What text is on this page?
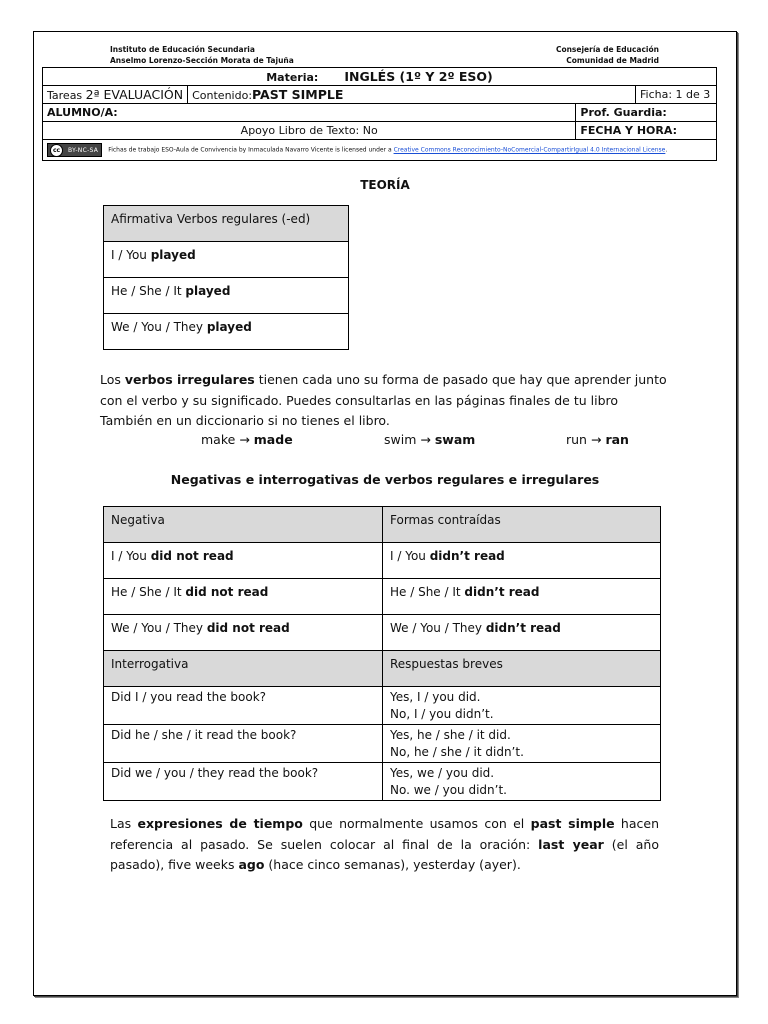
Instituto de Educación Secundaria
Anselmo Lorenzo-Sección Morata de Tajuña
Consejería de Educación
Comunidad de Madrid
Materia: INGLÉS (1º Y 2º ESO)			
Tareas 2ª EVALUACIÓN	Contenido:PAST SIMPLE		Ficha: 1 de 3
ALUMNO/A:		Prof. Guardia:	
Apoyo Libro de Texto: No		FECHA Y HORA:	

cc BY-NC-SA Fichas de trabajo ESO-Aula de Convivencia by Inmaculada Navarro Vicente is licensed under a Creative Commons Reconocimiento-NoComercial-CompartirIgual 4.0 Internacional License.			
TEORÍA
Afirmativa Verbos regulares (-ed)
I / You played
He / She / It played
We / You / They played
Los verbos irregulares tienen cada uno su forma de pasado que hay que aprender junto con el verbo y su significado. Puedes consultarlas en las páginas finales de tu libro También en un diccionario si no tienes el libro.
make → made	swim → swam	run → ran
Negativas e interrogativas de verbos regulares e irregulares
Negativa	Formas contraídas
I / You did not read	I / You didn’t read
He / She / It did not read	He / She / It didn’t read
We / You / They did not read	We / You / They didn’t read
Interrogativa	Respuestas breves
Did I / you read the book?	Yes, I / you did.
No, I / you didn’t.

Did he / she / it read the book?	Yes, he / she / it did.
No, he / she / it didn’t.

Did we / you / they read the book?	Yes, we / you did.
No. we / you didn’t.
Las expresiones de tiempo que normalmente usamos con el past simple hacen referencia al pasado. Se suelen colocar al final de la oración: last year (el año pasado), five weeks ago (hace cinco semanas), yesterday (ayer).
